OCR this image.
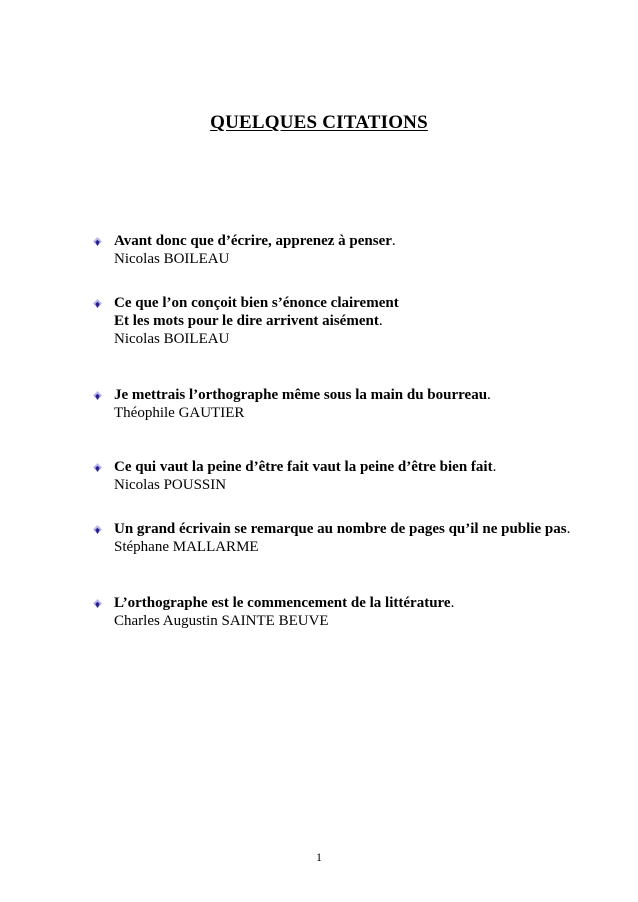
QUELQUES CITATIONS
Avant donc que d’écrire, apprenez à penser.
Nicolas BOILEAU
Ce que l’on conçoit bien s’énonce clairement
Et les mots pour le dire arrivent aisément.
Nicolas BOILEAU
Je mettrais l’orthographe même sous la main du bourreau.
Théophile GAUTIER
Ce qui vaut la peine d’être fait vaut la peine d’être bien fait.
Nicolas POUSSIN
Un grand écrivain se remarque au nombre de pages qu’il ne publie pas.
Stéphane MALLARME
L’orthographe est le commencement de la littérature.
Charles Augustin SAINTE BEUVE
1
